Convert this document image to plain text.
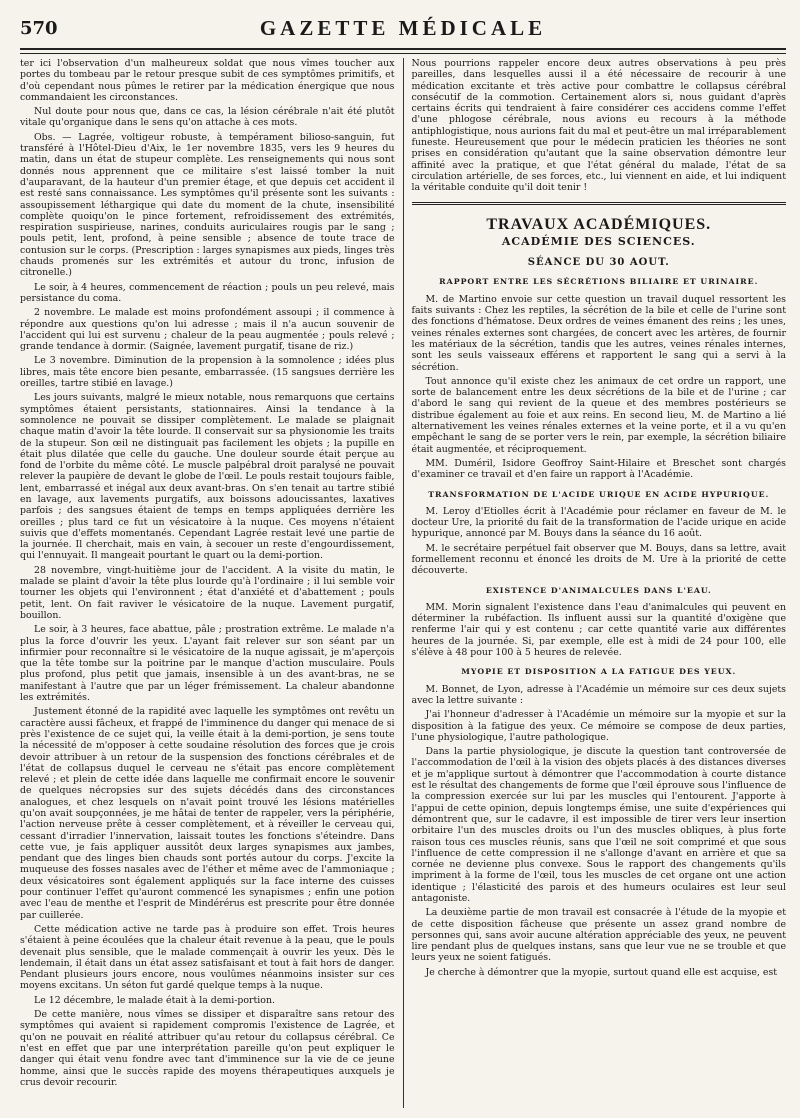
570	GAZETTE MÉDICALE

ter ici l'observation d'un malheureux soldat que nous vîmes toucher aux portes du tombeau par le retour presque subit de ces symptômes primitifs, et d'où cependant nous pûmes le retirer par la médication énergique que nous commandaient les circonstances.

Nul doute pour nous que, dans ce cas, la lésion cérébrale n'ait été plutôt vitale qu'organique dans le sens qu'on attache à ces mots.

Obs. — Lagrée, voltigeur robuste, à tempérament bilioso-sanguin, fut transféré à l'Hôtel-Dieu d'Aix, le 1er novembre 1835, vers les 9 heures du matin, dans un état de stupeur complète. Les renseignements qui nous sont donnés nous apprennent que ce militaire s'est laissé tomber la nuit d'auparavant, de la hauteur d'un premier étage, et que depuis cet accident il est resté sans connaissance. Les symptômes qu'il présente sont les suivants : assoupissement léthargique qui date du moment de la chute, insensibilité complète quoiqu'on le pince fortement, refroidissement des extrémités, respiration suspirieuse, narines, conduits auriculaires rougis par le sang ; pouls petit, lent, profond, à peine sensible ; absence de toute trace de contusion sur le corps. (Prescription : larges synapismes aux pieds, linges très chauds promenés sur les extrémités et autour du tronc, infusion de citronelle.)

Le soir, à 4 heures, commencement de réaction ; pouls un peu relevé, mais persistance du coma.

2 novembre. Le malade est moins profondément assoupi ; il commence à répondre aux questions qu'on lui adresse ; mais il n'a aucun souvenir de l'accident qui lui est survenu ; chaleur de la peau augmentée ; pouls relevé ; grande tendance à dormir. (Saignée, lavement purgatif, tisane de riz.)

Le 3 novembre. Diminution de la propension à la somnolence ; idées plus libres, mais tête encore bien pesante, embarrassée. (15 sangsues derrière les oreilles, tartre stibié en lavage.)

Les jours suivants, malgré le mieux notable, nous remarquons que certains symptômes étaient persistants, stationnaires. Ainsi la tendance à la somnolence ne pouvait se dissiper complètement. Le malade se plaignait chaque matin d'avoir la tête lourde. Il conservait sur sa physionomie les traits de la stupeur. Son œil ne distinguait pas facilement les objets ; la pupille en était plus dilatée que celle du gauche. Une douleur sourde était perçue au fond de l'orbite du même côté. Le muscle palpébral droit paralysé ne pouvait relever la paupière de devant le globe de l'œil. Le pouls restait toujours faible, lent, embarrassé et inégal aux deux avant-bras. On s'en tenait au tartre stibié en lavage, aux lavements purgatifs, aux boissons adoucissantes, laxatives parfois ; des sangsues étaient de temps en temps appliquées derrière les oreilles ; plus tard ce fut un vésicatoire à la nuque. Ces moyens n'étaient suivis que d'effets momentanés. Cependant Lagrée restait levé une partie de la journée. Il cherchait, mais en vain, à secouer un reste d'engourdissement, qui l'ennuyait. Il mangeait pourtant le quart ou la demi-portion.

28 novembre, vingt-huitième jour de l'accident. A la visite du matin, le malade se plaint d'avoir la tête plus lourde qu'à l'ordinaire ; il lui semble voir tourner les objets qui l'environnent ; état d'anxiété et d'abattement ; pouls petit, lent. On fait raviver le vésicatoire de la nuque. Lavement purgatif, bouillon.

Le soir, à 3 heures, face abattue, pâle ; prostration extrême. Le malade n'a plus la force d'ouvrir les yeux. L'ayant fait relever sur son séant par un infirmier pour reconnaître si le vésicatoire de la nuque agissait, je m'aperçois que la tête tombe sur la poitrine par le manque d'action musculaire. Pouls plus profond, plus petit que jamais, insensible à un des avant-bras, ne se manifestant à l'autre que par un léger frémissement. La chaleur abandonne les extrémités.

Justement étonné de la rapidité avec laquelle les symptômes ont revêtu un caractère aussi fâcheux, et frappé de l'imminence du danger qui menace de si près l'existence de ce sujet qui, la veille était à la demi-portion, je sens toute la nécessité de m'opposer à cette soudaine résolution des forces que je crois devoir attribuer à un retour de la suspension des fonctions cérébrales et de l'état de collapsus duquel le cerveau ne s'était pas encore complètement relevé ; et plein de cette idée dans laquelle me confirmait encore le souvenir de quelques nécropsies sur des sujets décédés dans des circonstances analogues, et chez lesquels on n'avait point trouvé les lésions matérielles qu'on avait soupçonnées, je me hâtai de tenter de rappeler, vers la périphérie, l'action nerveuse prête à cesser complètement, et à réveiller le cerveau qui, cessant d'irradier l'innervation, laissait toutes les fonctions s'éteindre. Dans cette vue, je fais appliquer aussitôt deux larges synapismes aux jambes, pendant que des linges bien chauds sont portés autour du corps. J'excite la muqueuse des fosses nasales avec de l'éther et même avec de l'ammoniaque ; deux vésicatoires sont également appliqués sur la face interne des cuisses pour continuer l'effet qu'auront commencé les synapismes ; enfin une potion avec l'eau de menthe et l'esprit de Mindérérus est prescrite pour être donnée par cuillerée.

Cette médication active ne tarde pas à produire son effet. Trois heures s'étaient à peine écoulées que la chaleur était revenue à la peau, que le pouls devenait plus sensible, que le malade commençait à ouvrir les yeux. Dès le lendemain, il était dans un état assez satisfaisant et tout à fait hors de danger. Pendant plusieurs jours encore, nous voulûmes néanmoins insister sur ces moyens excitans. Un séton fut gardé quelque temps à la nuque.

Le 12 décembre, le malade était à la demi-portion.

De cette manière, nous vîmes se dissiper et disparaître sans retour des symptômes qui avaient si rapidement compromis l'existence de Lagrée, et qu'on ne pouvait en réalité attribuer qu'au retour du collapsus cérébral. Ce n'est en effet que par une interprétation pareille qu'on peut expliquer le danger qui était venu fondre avec tant d'imminence sur la vie de ce jeune homme, ainsi que le succès rapide des moyens thérapeutiques auxquels je crus devoir recourir.

Nous pourrions rappeler encore deux autres observations à peu près pareilles, dans lesquelles aussi il a été nécessaire de recourir à une médication excitante et très active pour combattre le collapsus cérébral consécutif de la commotion. Certainement alors si, nous guidant d'après certains écrits qui tendraient à faire considérer ces accidens comme l'effet d'une phlogose cérébrale, nous avions eu recours à la méthode antiphlogistique, nous aurions fait du mal et peut-être un mal irréparablement funeste. Heureusement que pour le médecin praticien les théories ne sont prises en considération qu'autant que la saine observation démontre leur affinité avec la pratique, et que l'état général du malade, l'état de sa circulation artérielle, de ses forces, etc., lui viennent en aide, et lui indiquent la véritable conduite qu'il doit tenir !

TRAVAUX ACADÉMIQUES.
ACADÉMIE DES SCIENCES.
SÉANCE DU 30 AOUT.
RAPPORT ENTRE LES SÉCRÉTIONS BILIAIRE ET URINAIRE.

M. de Martino envoie sur cette question un travail duquel ressortent les faits suivants : Chez les reptiles, la sécrétion de la bile et celle de l'urine sont des fonctions d'hématose. Deux ordres de veines émanent des reins ; les unes, veines rénales externes sont chargées, de concert avec les artères, de fournir les matériaux de la sécrétion, tandis que les autres, veines rénales internes, sont les seuls vaisseaux efférens et rapportent le sang qui a servi à la sécrétion.

Tout annonce qu'il existe chez les animaux de cet ordre un rapport, une sorte de balancement entre les deux sécrétions de la bile et de l'urine ; car d'abord le sang qui revient de la queue et des membres postérieurs se distribue également au foie et aux reins. En second lieu, M. de Martino a lié alternativement les veines rénales externes et la veine porte, et il a vu qu'en empêchant le sang de se porter vers le rein, par exemple, la sécrétion biliaire était augmentée, et réciproquement.

MM. Duméril, Isidore Geoffroy Saint-Hilaire et Breschet sont chargés d'examiner ce travail et d'en faire un rapport à l'Académie.

TRANSFORMATION DE L'ACIDE URIQUE EN ACIDE HYPURIQUE.

M. Leroy d'Etiolles écrit à l'Académie pour réclamer en faveur de M. le docteur Ure, la priorité du fait de la transformation de l'acide urique en acide hypurique, annoncé par M. Bouys dans la séance du 16 août.

M. le secrétaire perpétuel fait observer que M. Bouys, dans sa lettre, avait formellement reconnu et énoncé les droits de M. Ure à la priorité de cette découverte.

EXISTENCE D'ANIMALCULES DANS L'EAU.

MM. Morin signalent l'existence dans l'eau d'animalcules qui peuvent en déterminer la rubéfaction. Ils influent aussi sur la quantité d'oxigène que renferme l'air qui y est contenu ; car cette quantité varie aux différentes heures de la journée. Si, par exemple, elle est à midi de 24 pour 100, elle s'élève à 48 pour 100 à 5 heures de relevée.

MYOPIE ET DISPOSITION A LA FATIGUE DES YEUX.

M. Bonnet, de Lyon, adresse à l'Académie un mémoire sur ces deux sujets avec la lettre suivante :

J'ai l'honneur d'adresser à l'Académie un mémoire sur la myopie et sur la disposition à la fatigue des yeux. Ce mémoire se compose de deux parties, l'une physiologique, l'autre pathologique.

Dans la partie physiologique, je discute la question tant controversée de l'accommodation de l'œil à la vision des objets placés à des distances diverses et je m'applique surtout à démontrer que l'accommodation à courte distance est le résultat des changements de forme que l'œil éprouve sous l'influence de la compression exercée sur lui par les muscles qui l'entourent. J'apporte à l'appui de cette opinion, depuis longtemps émise, une suite d'expériences qui démontrent que, sur le cadavre, il est impossible de tirer vers leur insertion orbitaire l'un des muscles droits ou l'un des muscles obliques, à plus forte raison tous ces muscles réunis, sans que l'œil ne soit comprimé et que sous l'influence de cette compression il ne s'allonge d'avant en arrière et que sa cornée ne devienne plus convexe. Sous le rapport des changements qu'ils impriment à la forme de l'œil, tous les muscles de cet organe ont une action identique ; l'élasticité des parois et des humeurs oculaires est leur seul antagoniste.

La deuxième partie de mon travail est consacrée à l'étude de la myopie et de cette disposition fâcheuse que présente un assez grand nombre de personnes qui, sans avoir aucune altération appréciable des yeux, ne peuvent lire pendant plus de quelques instans, sans que leur vue ne se trouble et que leurs yeux ne soient fatigués.

Je cherche à démontrer que la myopie, surtout quand elle est acquise, est
